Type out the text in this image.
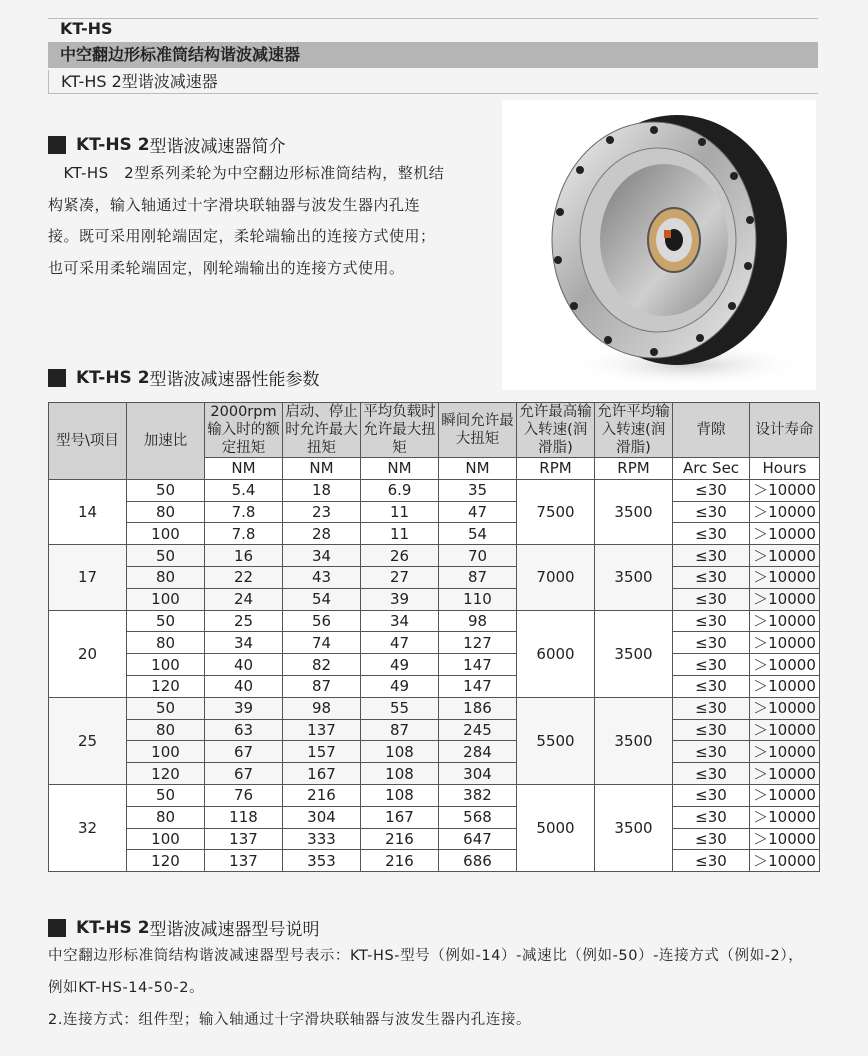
KT-HS
中空翻边形标准筒结构谐波减速器
KT-HS 2型谐波减速器
KT-HS 2 型谐波减速器简介
　KT-HS　2型系列柔轮为中空翻边形标准筒结构，整机结构紧凑，输入轴通过十字滑块联轴器与波发生器内孔连接。既可采用刚轮端固定，柔轮端输出的连接方式使用；也可采用柔轮端固定，刚轮端输出的连接方式使用。
KT-HS 2 型谐波减速器性能参数
型号\项目	加速比	2000rpm输入时的额定扭矩	启动、停止时允许最大扭矩	平均负载时允许最大扭矩	瞬间允许最大扭矩	允许最高输入转速(润滑脂)	允许平均输入转速(润滑脂)	背隙	设计寿命
		NM	NM	NM	NM	RPM	RPM	Arc Sec	Hours
14	50	5.4	18	6.9	35	7500	3500	≤30	＞10000
	80	7.8	23	11	47			≤30	＞10000
	100	7.8	28	11	54			≤30	＞10000
17	50	16	34	26	70	7000	3500	≤30	＞10000
	80	22	43	27	87			≤30	＞10000
	100	24	54	39	110			≤30	＞10000
20	50	25	56	34	98	6000	3500	≤30	＞10000
	80	34	74	47	127			≤30	＞10000
	100	40	82	49	147			≤30	＞10000
	120	40	87	49	147			≤30	＞10000
25	50	39	98	55	186	5500	3500	≤30	＞10000
	80	63	137	87	245			≤30	＞10000
	100	67	157	108	284			≤30	＞10000
	120	67	167	108	304			≤30	＞10000
32	50	76	216	108	382	5000	3500	≤30	＞10000
	80	118	304	167	568			≤30	＞10000
	100	137	333	216	647			≤30	＞10000
	120	137	353	216	686			≤30	＞10000
KT-HS 2 型谐波减速器型号说明
中空翻边形标准筒结构谐波减速器型号表示：KT-HS-型号（例如-14）-减速比（例如-50）-连接方式（例如-2），例如KT-HS-14-50-2。
2.连接方式：组件型；输入轴通过十字滑块联轴器与波发生器内孔连接。
